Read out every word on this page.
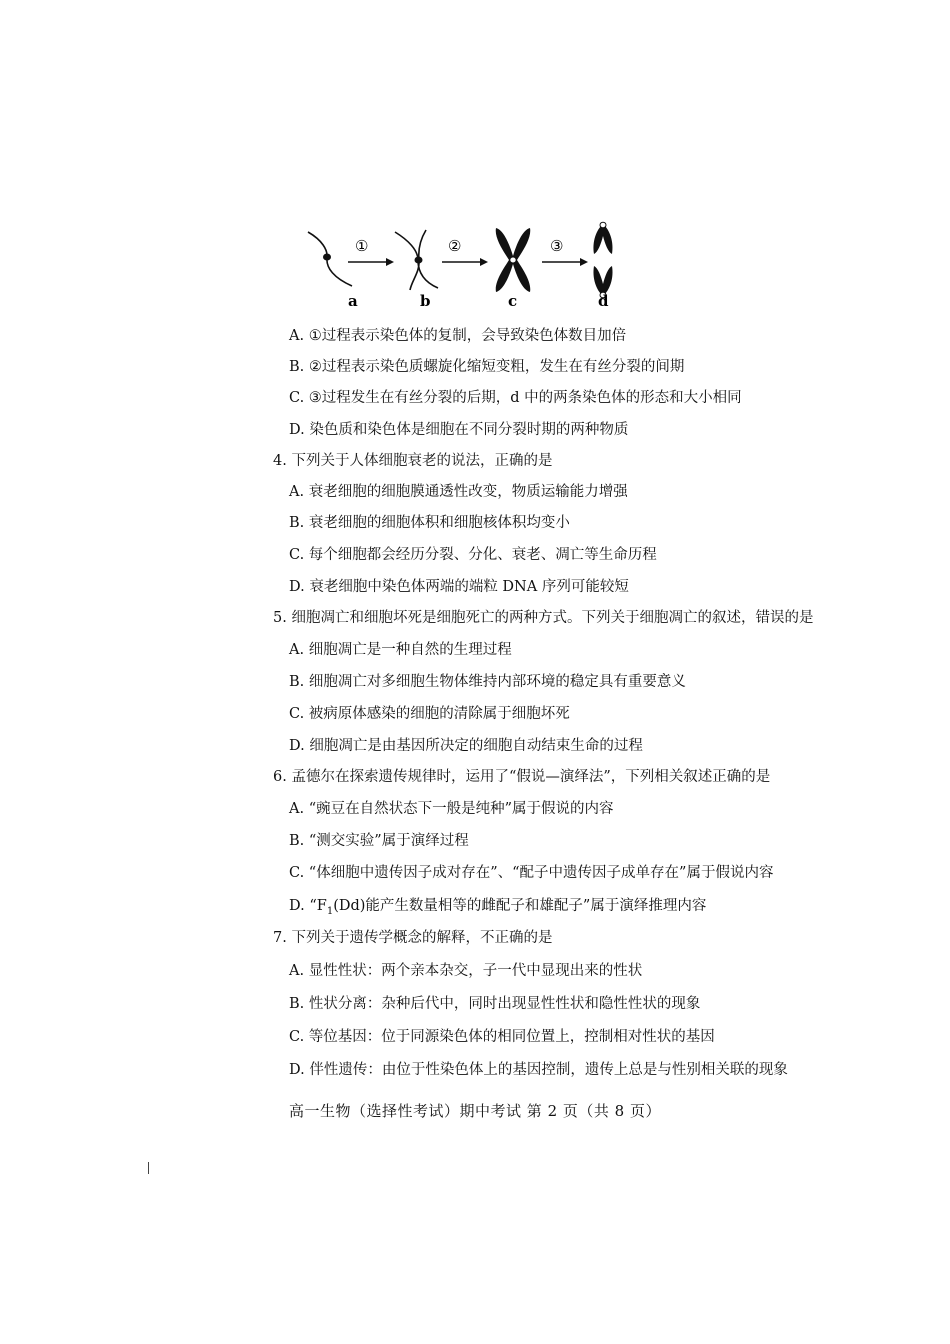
a
①
b
②
c
③
d
A. ①过程表示染色体的复制，会导致染色体数目加倍
B. ②过程表示染色质螺旋化缩短变粗，发生在有丝分裂的间期
C. ③过程发生在有丝分裂的后期，d 中的两条染色体的形态和大小相同
D. 染色质和染色体是细胞在不同分裂时期的两种物质
4. 下列关于人体细胞衰老的说法，正确的是
A. 衰老细胞的细胞膜通透性改变，物质运输能力增强
B. 衰老细胞的细胞体积和细胞核体积均变小
C. 每个细胞都会经历分裂、分化、衰老、凋亡等生命历程
D. 衰老细胞中染色体两端的端粒 DNA 序列可能较短
5. 细胞凋亡和细胞坏死是细胞死亡的两种方式。下列关于细胞凋亡的叙述，错误的是
A. 细胞凋亡是一种自然的生理过程
B. 细胞凋亡对多细胞生物体维持内部环境的稳定具有重要意义
C. 被病原体感染的细胞的清除属于细胞坏死
D. 细胞凋亡是由基因所决定的细胞自动结束生命的过程
6. 孟德尔在探索遗传规律时，运用了“假说—演绎法”，下列相关叙述正确的是
A. “豌豆在自然状态下一般是纯种”属于假说的内容
B. “测交实验”属于演绎过程
C. “体细胞中遗传因子成对存在”、“配子中遗传因子成单存在”属于假说内容
D. “$F_1(Dd)$能产生数量相等的雌配子和雄配子”属于演绎推理内容
7. 下列关于遗传学概念的解释，不正确的是
A. 显性性状：两个亲本杂交，子一代中显现出来的性状
B. 性状分离：杂种后代中，同时出现显性性状和隐性性状的现象
C. 等位基因：位于同源染色体的相同位置上，控制相对性状的基因
D. 伴性遗传：由位于性染色体上的基因控制，遗传上总是与性别相关联的现象
高一生物（选择性考试）期中考试 第 2 页（共 8 页）
